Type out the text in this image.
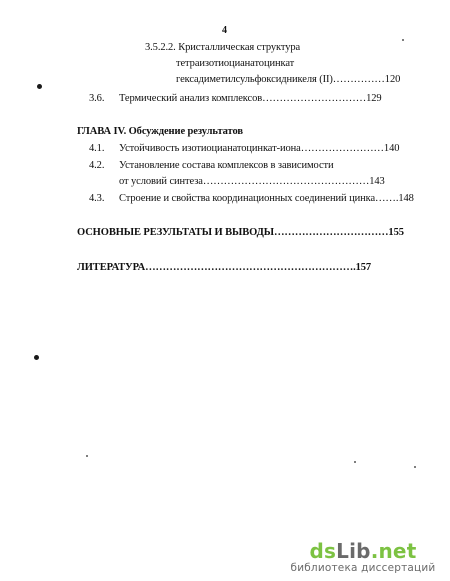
4
3.5.2.2. Кристаллическая структура
тетраизотиоцианатоцинкат
гексадиметилсульфоксидникеля (II)……………120
3.6. Термический анализ комплексов…………………………129
ГЛАВА IV. Обсуждение результатов
4.1. Устойчивость изотиоцианатоцинкат-иона……………………140
4.2. Установление состава комплексов в зависимости
от условий синтеза…………………………………………143
4.3. Строение и свойства координационных соединений цинка…….148
ОСНОВНЫЕ РЕЗУЛЬТАТЫ И ВЫВОДЫ……………………………155
ЛИТЕРАТУРА…………………………………………………….157
dsLib.net
библиотека диссертаций
